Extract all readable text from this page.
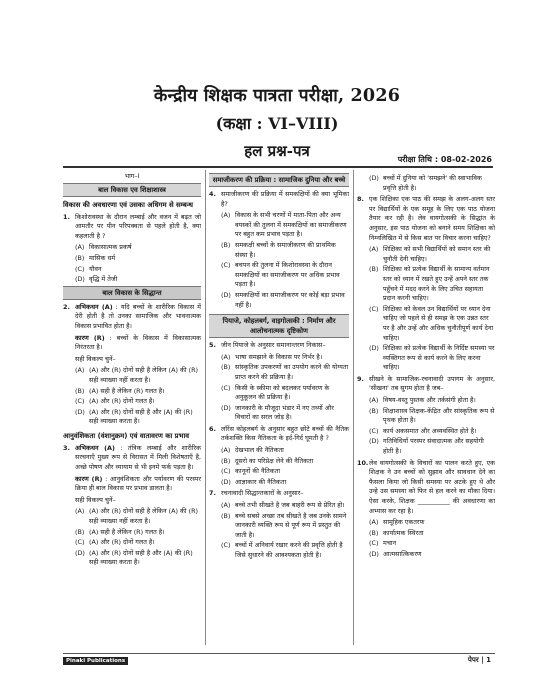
केन्द्रीय शिक्षक पात्रता परीक्षा, 2026
(कक्षा : VI–VIII)
हल प्रश्न-पत्र	परीक्षा तिथि : 08-02-2026
भाग–I
बाल विकास एव शिक्षाशास्त्र
विकास की अवधारणा एवं उसका अधिगम से सम्बन्ध
1. किशोरावस्था के दौरान लम्बाई और वजन में बढ़त जो आमतौर पर पीन परिपक्वता से पहले होती है, क्या कहलाती है ?
(A) विकासात्मक प्रकर्ष
(B) मासिक धर्म
(C) यौवन
(D) वृद्धि में तेजी
बाल विकास के सिद्धान्त
2. अभिकथन (A) : यदि बच्चों के शारीरिक विकास में देरी होती है तो उनका सामाजिक और भावनात्मक विकास प्रभावित होता है।
कारण (R) : बच्चों के विकास में विकासात्मक निरंतरता है।
सही विकल्प चुनें–
(A) (A) और (R) दोनों सही है लेकिन (A) की (R) सही व्याख्या नहीं करता है।
(B) (A) सही है लेकिन (R) गलत है।
(C) (A) और (R) दोनों गलत है।
(D) (A) और (R) दोनों सही है और (A) की (R) सही व्याख्या करता है।
आनुवंशिकता (वंशानुक्रम) एवं वातावरण का प्रभाव
3. अभिकथन (A) : तंत्रिक लम्बाई और शारीरिक सरचनाएँ मुख्य रूप से विरासत में मिली विशेषताएँ है, अच्छे पोषण और व्यायाम से भी इनमे फर्क पड़ता है।
कारण (R) : आनुवंशिकता और पर्यावरण की परस्पर क्रिया ही बाल विकास पर प्रभाव डालता है।
सही विकल्प चुनें–
(A) (A) और (R) दोनों सही है लेकिन (A) की (R) सही व्याख्या नहीं करता है।
(B) (A) सही है लेकिन (R) गलत है।
(C) (A) और (R) दोनों गलत है।
(D) (A) और (R) दोनों सही है और (A) की (R) सही व्याख्या करता है।
समाजीकरण की प्रक्रिया : सामाजिक दुनिया और बच्चे
4. समाजीकरण की प्रक्रिया में समकक्षियों की क्या भूमिका है?
(A) विकास के सभी चरणों में माता-पिता और अन्य वयस्कों की तुलना में समकक्षियों का समाजीकरण पर बहुत कम प्रभाव पड़ता है।
(B) समकक्षी बच्चों के समाजीकरण की प्राथमिक संस्था है।
(C) बचपन की तुलना में किशोरावस्था के दौरान समकक्षियों का समाजीकरण पर अधिक प्रभाव पड़ता है।
(D) समकक्षियों का समाजीकरण पर कोई बड़ा प्रभाव नहीं है।
पियाजे, कोहलबर्ग, वाइगोत्सकी : निर्माण और आलोचनात्मक दृष्टिकोण
5. जीन पियाजे के अनुसार समानान्तरण निकास–
(A) भाषा समझाने के विकास पर निर्भर है।
(B) सांस्कृतिक उपकरणों का उपयोग करने की योग्यता प्राप्त करने की प्रक्रिया है।
(C) किसी के स्कीमा को बदलकर पर्यावरण के अनुकूलन की प्रक्रिया है।
(D) जानकारी के मौजूदा भंडार में नए तथ्यों और विचारों का सरल जोड़ है।
6. लॉरेंस कोहलबर्ग के अनुसार बहुत छोटे बच्चों की नैतिक तर्कशक्ति किस नैतिकता के इर्द-गिर्द घूमती है ?
(A) देखभाल की नैतिकता
(B) दूसरो का परिप्रेक्ष लेने की नैतिकता
(C) कानूनों की नैतिकता
(D) आज्ञाकार की नैतिकता
7. रचनावादी सिद्धान्तकारों के अनुसार–
(A) बच्चे तभी सीखते है जब बाहरी रूप से प्रेरित हो।
(B) बच्चे सबसे अच्छा तब सीखते है जब उनके सामने जानकारी व्यक्ति रूप से पूर्ण रूप में प्रस्तुत की जाती है।
(C) बच्चों में अनिवार्य रखार करने की प्रवृत्ति होती है जिसे सुधारने की आवश्यकता होती है।
(D) बच्चों में दुनिया को 'समझने' की स्वाभाविक प्रवृत्ति होती है।
8. एक शिक्षिका एक पाठ की समझ के अलग-अलग स्तर पर विद्यार्थियों के एक समूह के लिए एक पाठ योजना तैयार कर रही है। लेव वायगोत्सकी के सिद्धांत के अनुसार, इस पाठ योजना को बनाने समय शिक्षिका को निम्नलिखित में से किस बात पर विचार करना चाहिए?
(A) शिक्षिका को सभी विद्यार्थियों को समान स्तर की चुनौती देनी चाहिए।
(B) शिक्षिका को प्रत्येक विद्यार्थी के सामान्य वर्तमान स्तर को ध्यान में रखते हुए उन्हें अपने स्तर तक पहुँचने में मदद करने के लिए उचित सहायता प्रदान करनी चाहिए।
(C) शिक्षिका को केवल उन विद्यार्थियों पर ध्यान देना चाहिए जो पहले से ही समझ के एक उन्नत स्तर पर है और उन्हें और अधिक चुनौतीपूर्ण कार्य देना चाहिए।
(D) शिक्षिका को प्रत्येक विद्यार्थी के निर्दिष्ट समस्या पर व्यक्तिगत रूप से कार्य करने के लिए करना चाहिए।
9. सीखने के सामाजिक-रचनावादी उपागम के अनुसार, 'सीखना' तब सुगम होता है जब–
(A) विषय-वस्तु पुस्तक और तर्कसंगी होता है।
(B) शिक्षाशास्त्र शिक्षक-केंद्रित और सांस्कृतिक रूप से पृथक होता है।
(C) कार्य अकसमात और अव्यवस्थित होते है।
(D) गतिविधियाँ परस्पर संवादात्मक और सहयोगी होती है।
10. लेव वायगोत्सकी के विचारों का पालन करते हुए, एक शिक्षक ने उन बच्चों को सुझाव और सावधान देने का फैसला किया जो किसी समस्या पर अटके हुए थे और उन्हे उस समस्या को फिर से हल करने का मौका दिया। ऐसा करके, शिक्षक __________ की अवधारणा का अभ्यास कर रहा है।
(A) सामूहिक एकतरफ
(B) कार्यात्मक स्थिरता
(C) मचान
(D) आत्मसात्किकरण
Pinaki Publications	पेपर | 1
